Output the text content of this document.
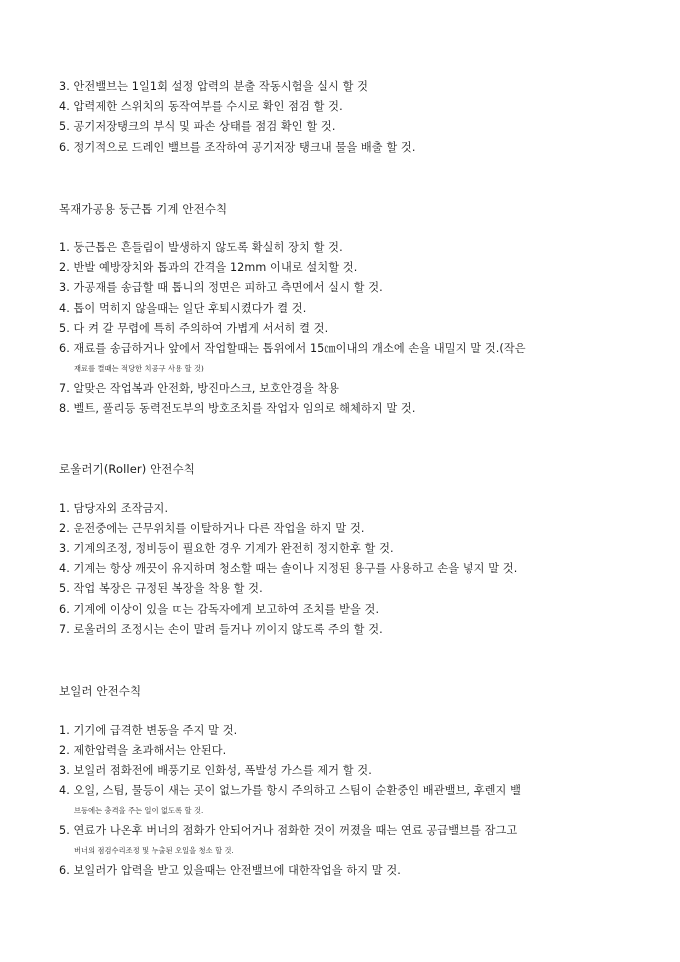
3. 안전밸브는 1일1회 설정 압력의 분출 작동시험을 실시 할 것
4. 압력제한 스위치의 동작여부를 수시로 확인 점검 할 것.
5. 공기저장탱크의 부식 및 파손 상태를 점검 확인 할 것.
6. 정기적으로 드레인 밸브를 조작하여 공기저장 탱크내 물을 배출 할 것.
목재가공용 둥근톱 기계 안전수칙
1. 둥근톱은 흔들림이 발생하지 않도록 확실히 장치 할 것.
2. 반발 예방장치와 톱과의 간격을 12mm 이내로 설치할 것.
3. 가공재를 송급할 때 톱니의 정면은 피하고 측면에서 실시 할 것.
4. 톱이 먹히지 않을때는 일단 후퇴시켰다가 켤 것.
5. 다 켜 갈 무렵에 특히 주의하여 가볍게 서서히 켤 것.
6. 재료를 송급하거나 앞에서 작업할때는 톱위에서 15㎝이내의 개소에 손을 내밀지 말 것.(작은
재료를 켤때는 적당한 치공구 사용 할 것)
7. 알맞은 작업복과 안전화, 방진마스크, 보호안경을 착용
8. 벨트, 풀리등 동력전도부의 방호조치를 작업자 임의로 해체하지 말 것.
로울러기(Roller) 안전수칙
1. 담당자외 조작금지.
2. 운전중에는 근무위치를 이탈하거나 다른 작업을 하지 말 것.
3. 기계의조정, 정비등이 필요한 경우 기계가 완전히 정지한후 할 것.
4. 기계는 항상 깨끗이 유지하며 청소할 때는 솔이나 지정된 용구를 사용하고 손을 넣지 말 것.
5. 작업 복장은 규정된 복장을 착용 할 것.
6. 기계에 이상이 있을 ㄸ는 감독자에게 보고하여 조치를 받을 것.
7. 로울러의 조정시는 손이 말려 들거나 끼이지 않도록 주의 할 것.
보일러 안전수칙
1. 기기에 급격한 변동을 주지 말 것.
2. 제한압력을 초과해서는 안된다.
3. 보일러 점화전에 배풍기로 인화성, 폭발성 가스를 제거 할 것.
4. 오일, 스팀, 물등이 새는 곳이 없느가를 항시 주의하고 스팀이 순환중인 배관밸브, 후렌지 밸
브등에는 충격을 주는 일이 없도록 할 것.
5. 연료가 나온후 버너의 점화가 안되어거나 점화한 것이 꺼졌을 때는 연료 공급밸브를 잠그고
버너의 점검수리조정 및 누출된 오일을 청소 할 것.
6. 보일러가 압력을 받고 있을때는 안전밸브에 대한작업을 하지 말 것.
